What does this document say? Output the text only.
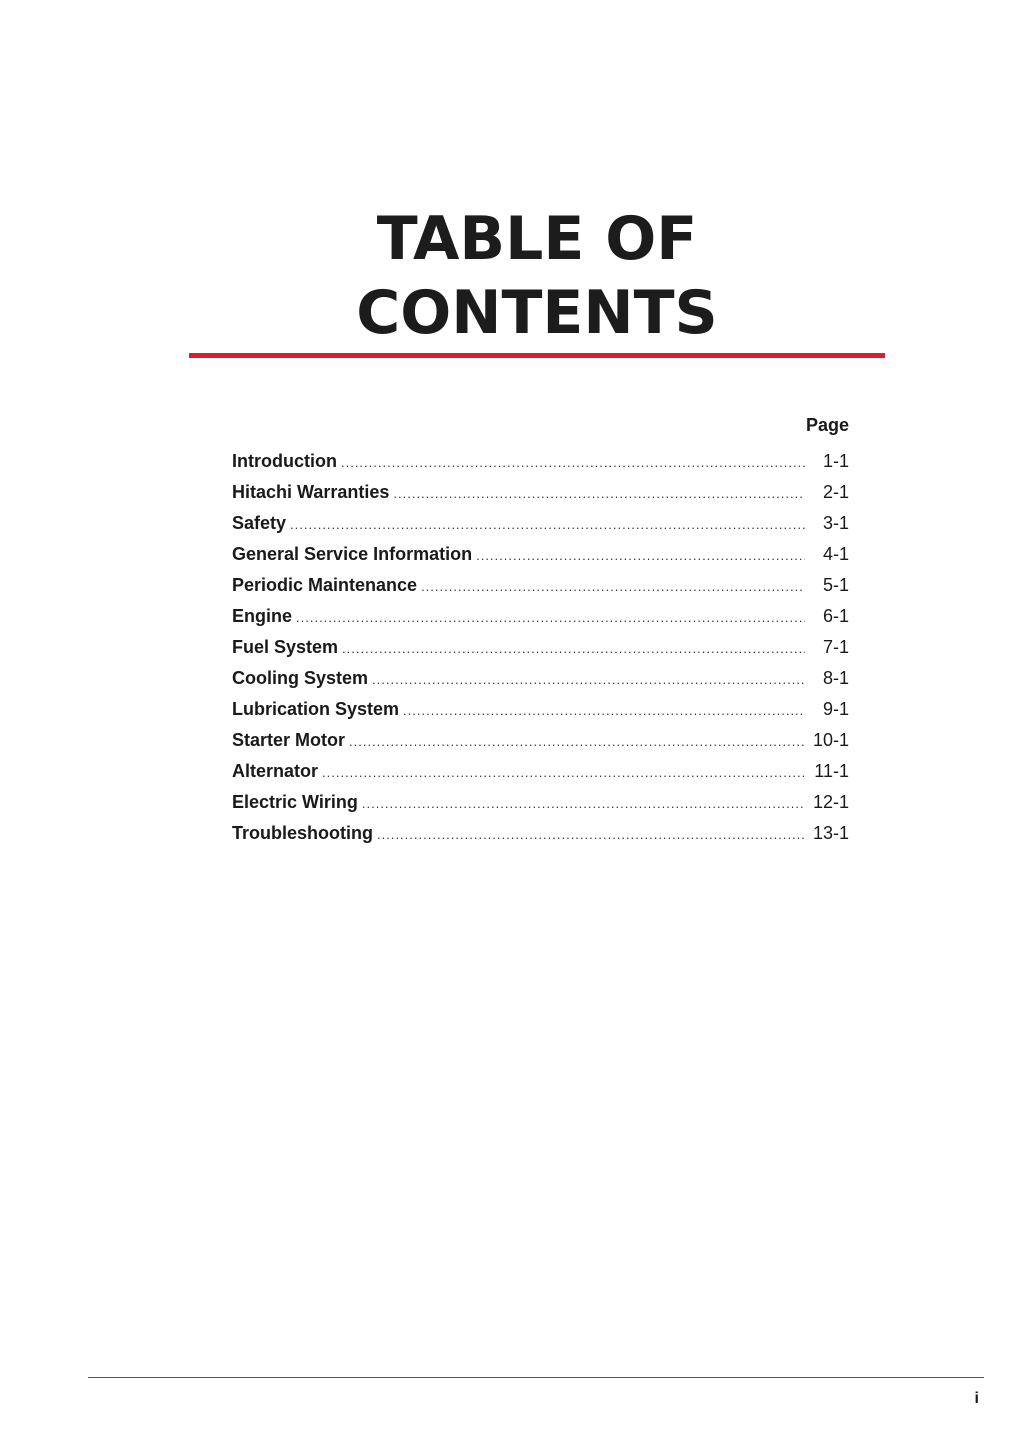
TABLE OF
CONTENTS
Page
Introduction .....	1-1
Hitachi Warranties .....	2-1
Safety .....	3-1
General Service Information .....	4-1
Periodic Maintenance .....	5-1
Engine .....	6-1
Fuel System .....	7-1
Cooling System .....	8-1
Lubrication System .....	9-1
Starter Motor .....	10-1
Alternator .....	11-1
Electric Wiring .....	12-1
Troubleshooting .....	13-1
i
